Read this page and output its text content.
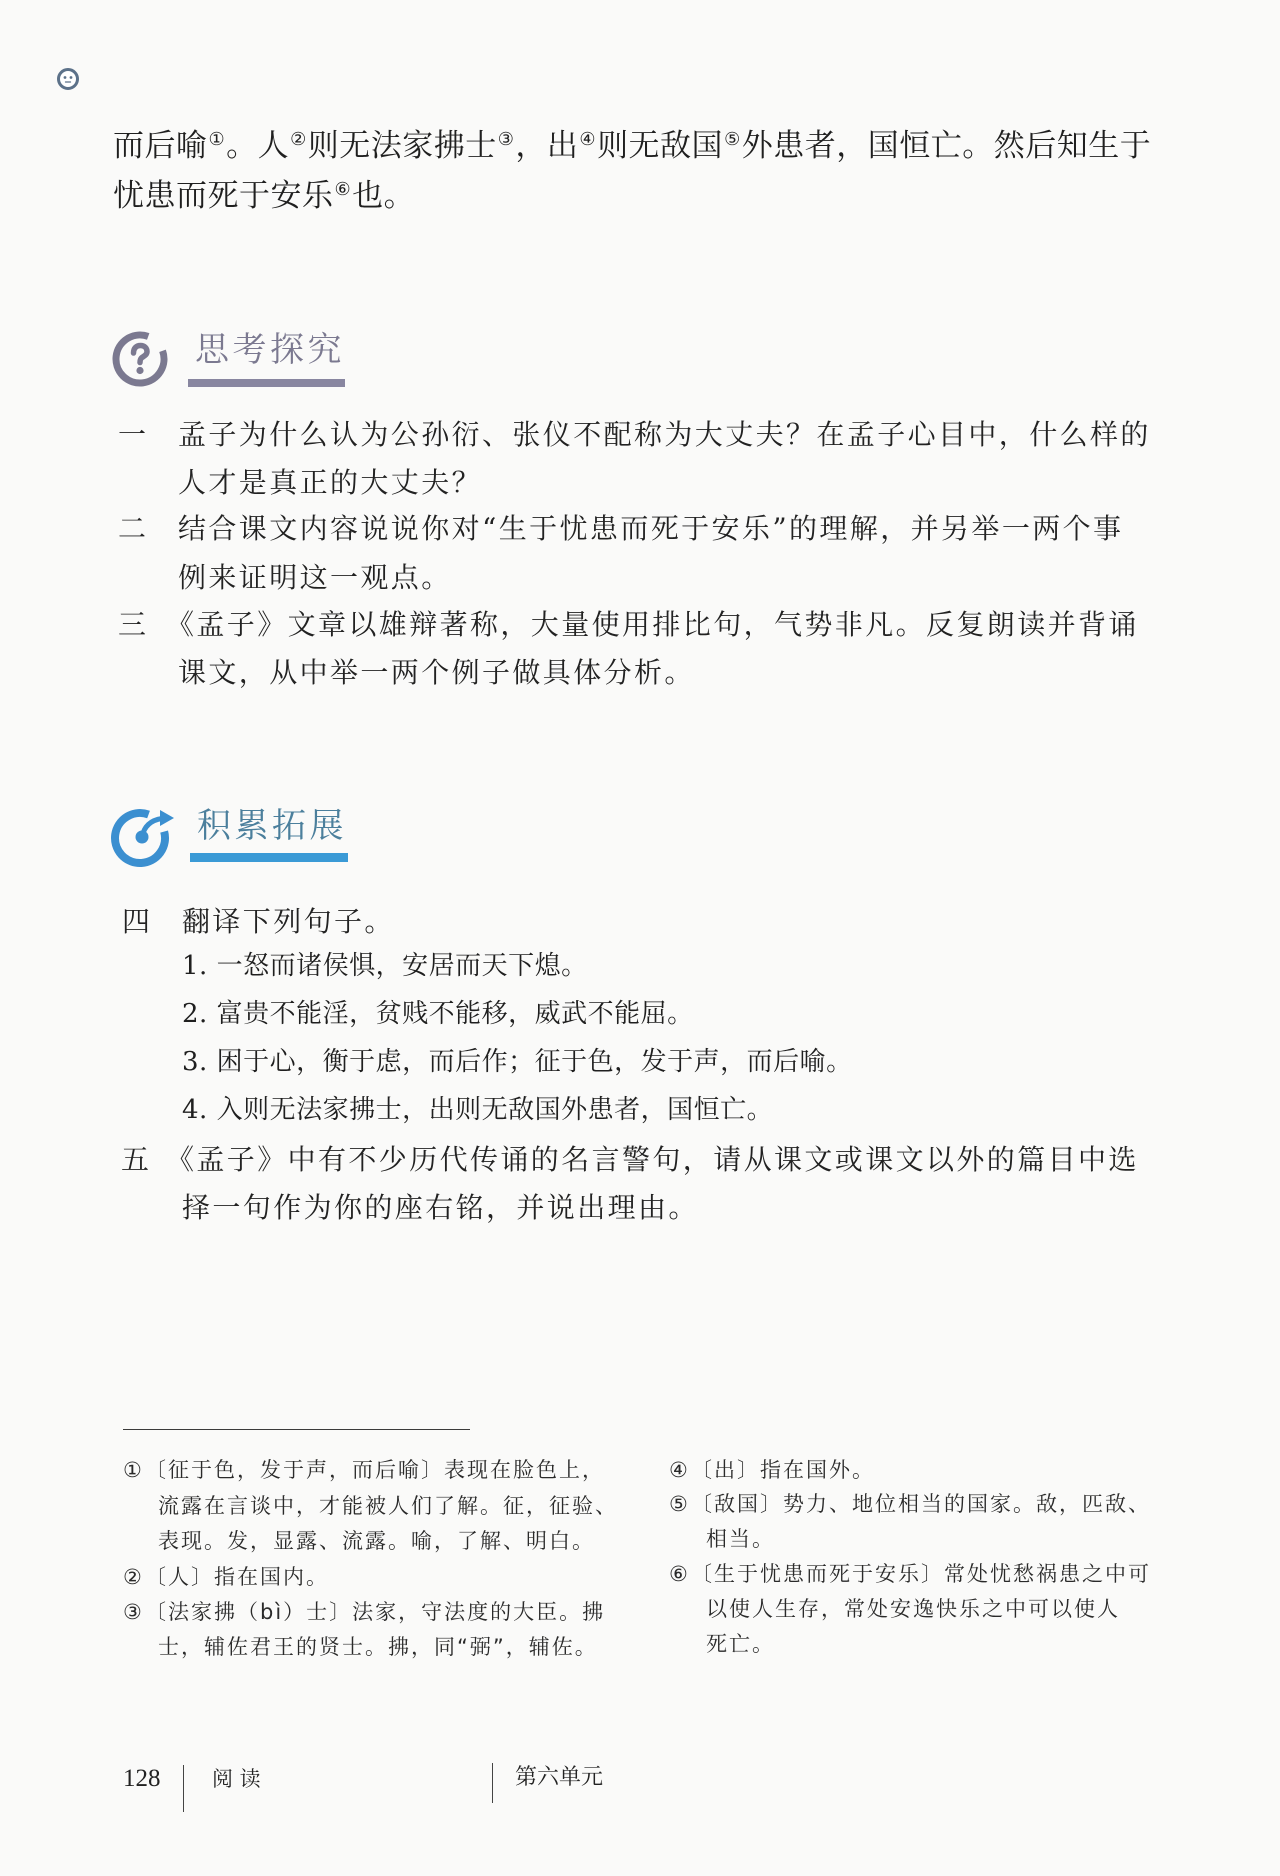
而后喻①。人②则无法家拂士③，出④则无敌国⑤外患者，国恒亡。然后知生于
忧患而死于安乐⑥也。
思考探究
一 孟子为什么认为公孙衍、张仪不配称为大丈夫？在孟子心目中，什么样的
人才是真正的大丈夫？
二 结合课文内容说说你对“生于忧患而死于安乐”的理解，并另举一两个事
例来证明这一观点。
三 《孟子》文章以雄辩著称，大量使用排比句，气势非凡。反复朗读并背诵
课文，从中举一两个例子做具体分析。
积累拓展
四 翻译下列句子。
1. 一怒而诸侯惧，安居而天下熄。
2. 富贵不能淫，贫贱不能移，威武不能屈。
3. 困于心，衡于虑，而后作；征于色，发于声，而后喻。
4. 入则无法家拂士，出则无敌国外患者，国恒亡。
五 《孟子》中有不少历代传诵的名言警句，请从课文或课文以外的篇目中选
择一句作为你的座右铭，并说出理由。
① 〔征于色，发于声，而后喻〕表现在脸色上，
流露在言谈中，才能被人们了解。征，征验、
表现。发，显露、流露。喻，了解、明白。
② 〔人〕指在国内。
③ 〔法家拂（bì）士〕法家，守法度的大臣。拂
士，辅佐君王的贤士。拂，同“弼”，辅佐。
④ 〔出〕指在国外。
⑤ 〔敌国〕势力、地位相当的国家。敌，匹敌、
相当。
⑥ 〔生于忧患而死于安乐〕常处忧愁祸患之中可
以使人生存，常处安逸快乐之中可以使人
死亡。
128 阅 读	第六单元
